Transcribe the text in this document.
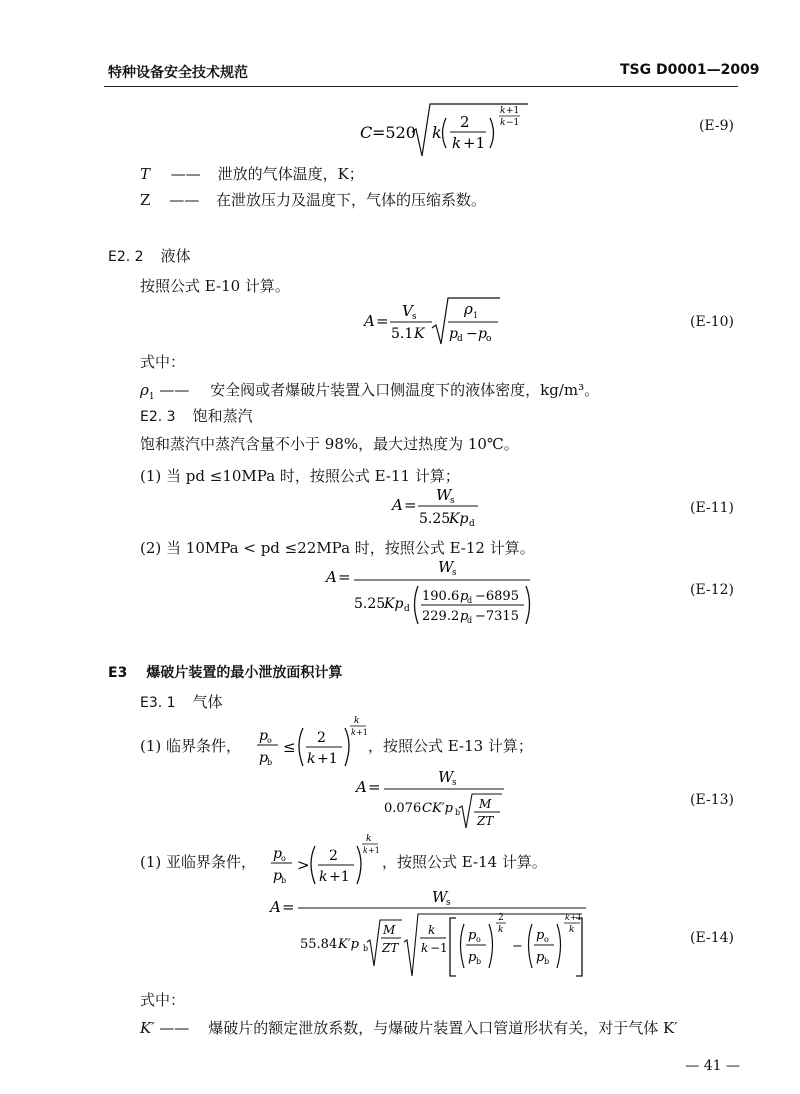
特种设备安全技术规范	TSG D0001—2009
C =520 k
2
k +1
k +1
k −1	(E-9)
T —— 泄放的气体温度，K；
Z —— 在泄放压力及温度下，气体的压缩系数。
E2. 2 液体
按照公式 E-10 计算。
A =
V s
5.1 K
ρ 1
p d − p o
(E-10)
式中：
$\rho_1$ —— 安全阀或者爆破片装置入口侧温度下的液体密度，kg/m³。
E2. 3 饱和蒸汽
饱和蒸汽中蒸汽含量不小于 98%，最大过热度为 10℃。
(1) 当 pd ≤10MPa 时，按照公式 E-11 计算；
A =
W
s
5.25
Kp d
(E-11)
(2) 当 10MPa < pd ≤22MPa 时，按照公式 E-12 计算。
A =
W
s
5.25
Kp d
190.6 p
d −6895
229.2 p
d −7315
(E-12)
E3 爆破片装置的最小泄放面积计算
E3. 1 气体
(1) 临界条件，
p o
p b
≤ 2
k +1
k
k +1
，按照公式 E-13 计算；
A =
W
s
0.076 CK′p b
M
ZT
(E-13)
(1) 亚临界条件， p o
p b
> 2
k +1
k
k +1
，按照公式 E-14 计算。
A =
W
s
55.84 K′p b
M
ZT
k
k −1
p o
p b
2
k
−
p o
p b
k +1
k	(E-14)
式中：
K′ —— 爆破片的额定泄放系数，与爆破片装置入口管道形状有关，对于气体 K′
— 41 —
